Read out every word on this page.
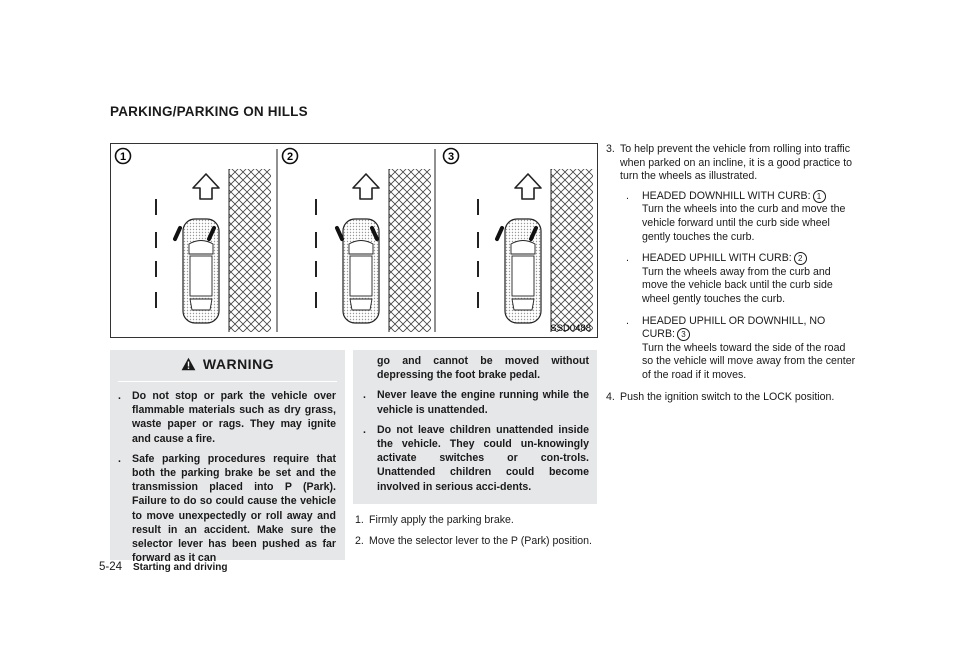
PARKING/PARKING ON HILLS
1	2	3
SSD0488
WARNING
. Do not stop or park the vehicle over flammable materials such as dry grass, waste paper or rags. They may ignite and cause a fire.
. Safe parking procedures require that both the parking brake be set and the transmission placed into P (Park). Failure to do so could cause the vehicle to move unexpectedly or roll away and result in an accident. Make sure the selector lever has been pushed as far forward as it can
go and cannot be moved without depressing the foot brake pedal.
. Never leave the engine running while the vehicle is unattended.
. Do not leave children unattended inside the vehicle. They could un-knowingly activate switches or con-trols. Unattended children could become involved in serious acci-dents.
1. Firmly apply the parking brake.
2. Move the selector lever to the P (Park) position.
3. To help prevent the vehicle from rolling into traffic when parked on an incline, it is a good practice to turn the wheels as illustrated.
. HEADED DOWNHILL WITH CURB: 1
Turn the wheels into the curb and move the vehicle forward until the curb side wheel gently touches the curb.
. HEADED UPHILL WITH CURB: 2
Turn the wheels away from the curb and move the vehicle back until the curb side wheel gently touches the curb.
. HEADED UPHILL OR DOWNHILL, NO CURB: 3
Turn the wheels toward the side of the road so the vehicle will move away from the center of the road if it moves.
4. Push the ignition switch to the LOCK position.
5-24 Starting and driving
